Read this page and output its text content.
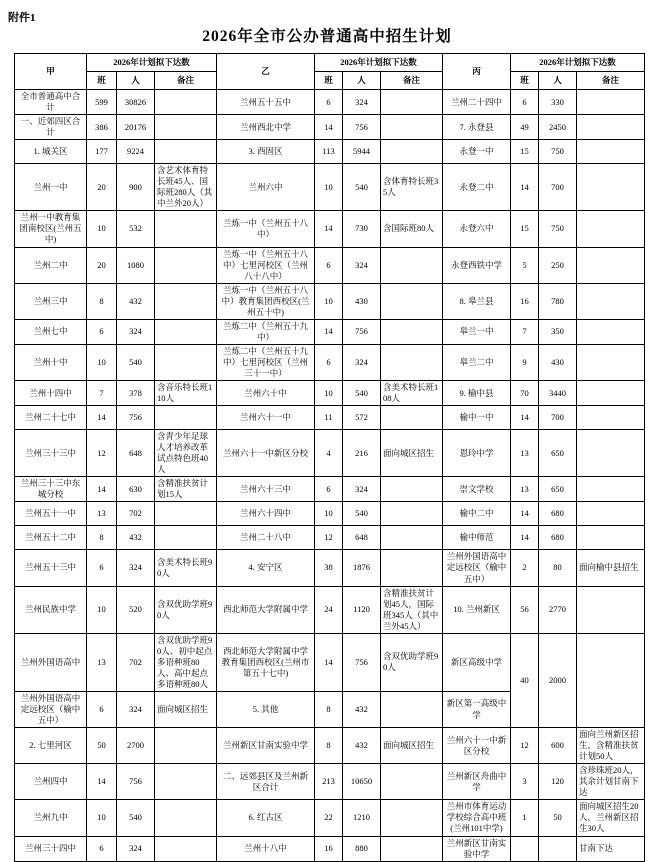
附件1
2026年全市公办普通高中招生计划
甲	2026年计划拟下达数			乙	2026年计划拟下达数			丙	2026年计划拟下达数		
	班	人	备注		班	人	备注		班	人	备注
全市普通高中合计	599	30826		兰州五十五中	6	324		兰州二十四中	6	330	
一、近郊四区合计	386	20176		兰州西北中学	14	756		7. 永登县	49	2450	
1. 城关区	177	9224		3. 西固区	113	5944		永登一中	15	750	
兰州一中	20	900	含艺术体育特长班45人、国际班280人（其中兰外20人）	兰州六中	10	540	含体育特长班35人	永登二中	14	700	
兰州一中教育集团南校区(兰州五中)	10	532		兰炼一中（兰州五十八中）	14	730	含国际班80人	永登六中	15	750	
兰州二中	20	1080		兰炼一中（兰州五十八中）七里河校区（兰州八十八中）	6	324		永登西铁中学	5	250	
兰州三中	8	432		兰炼一中（兰州五十八中）教育集团西校区(兰州五十中)	10	430		8. 皋兰县	16	780	
兰州七中	6	324		兰炼二中（兰州五十九中）	14	756		皋兰一中	7	350	
兰州十中	10	540		兰炼二中（兰州五十九中）七里河校区（兰州三十一中）	6	324		皋兰二中	9	430	
兰州十四中	7	378	含音乐特长班110人	兰州六十中	10	540	含美术特长班108人	9. 榆中县	70	3440	
兰州二十七中	14	756		兰州六十一中	11	572		榆中一中	14	700	
兰州三十三中	12	648	含青少年足球人才培养改革试点特色班40人	兰州六十一中新区分校	4	216	面向城区招生	恩玲中学	13	650	
兰州三十三中东城分校	14	630	含精准扶贫计划15人	兰州六十三中	6	324		崇文学校	13	650	
兰州五十一中	13	702		兰州六十四中	10	540		榆中二中	14	680	
兰州五十二中	8	432		兰州二十八中	12	648		榆中师范	14	680	
兰州五十三中	6	324	含美术特长班90人	4. 安宁区	38	1876		兰州外国语高中定远校区（榆中五中）	2	80	面向榆中县招生
兰州民族中学	10	520	含双优助学班90人	西北师范大学附属中学	24	1120	含精准扶贫计划45人，国际班345人（其中兰外45人）	10. 兰州新区	56	2770	
兰州外国语高中	13	702	含双优助学班90人、初中起点多语种班80人、高中起点多语种班80人	西北师范大学附属中学教育集团西校区(兰州市第五十七中)	14	756	含双优助学班90人	新区高级中学	40	2000	
兰州外国语高中定远校区（榆中五中）	6	324	面向城区招生	5. 其他	8	432		新区第一高级中学			
2. 七里河区	50	2700		兰州新区甘南实验中学	8	432	面向城区招生	兰州六十一中新区分校	12	600	面向兰州新区招生，含精准扶贫计划50人
兰州四中	14	756		二、远郊县区及兰州新区合计	213	10650		兰州新区舟曲中学	3	120	含珍珠班20人，其余计划甘南下达
兰州九中	10	540		6. 红古区	22	1210		兰州市体育运动学校综合高中班(兰州101中学)	1	50	面向城区招生20人，兰州新区招生30人
兰州三十四中	6	324		兰州十八中	16	880		兰州新区甘南实验中学			甘南下达
